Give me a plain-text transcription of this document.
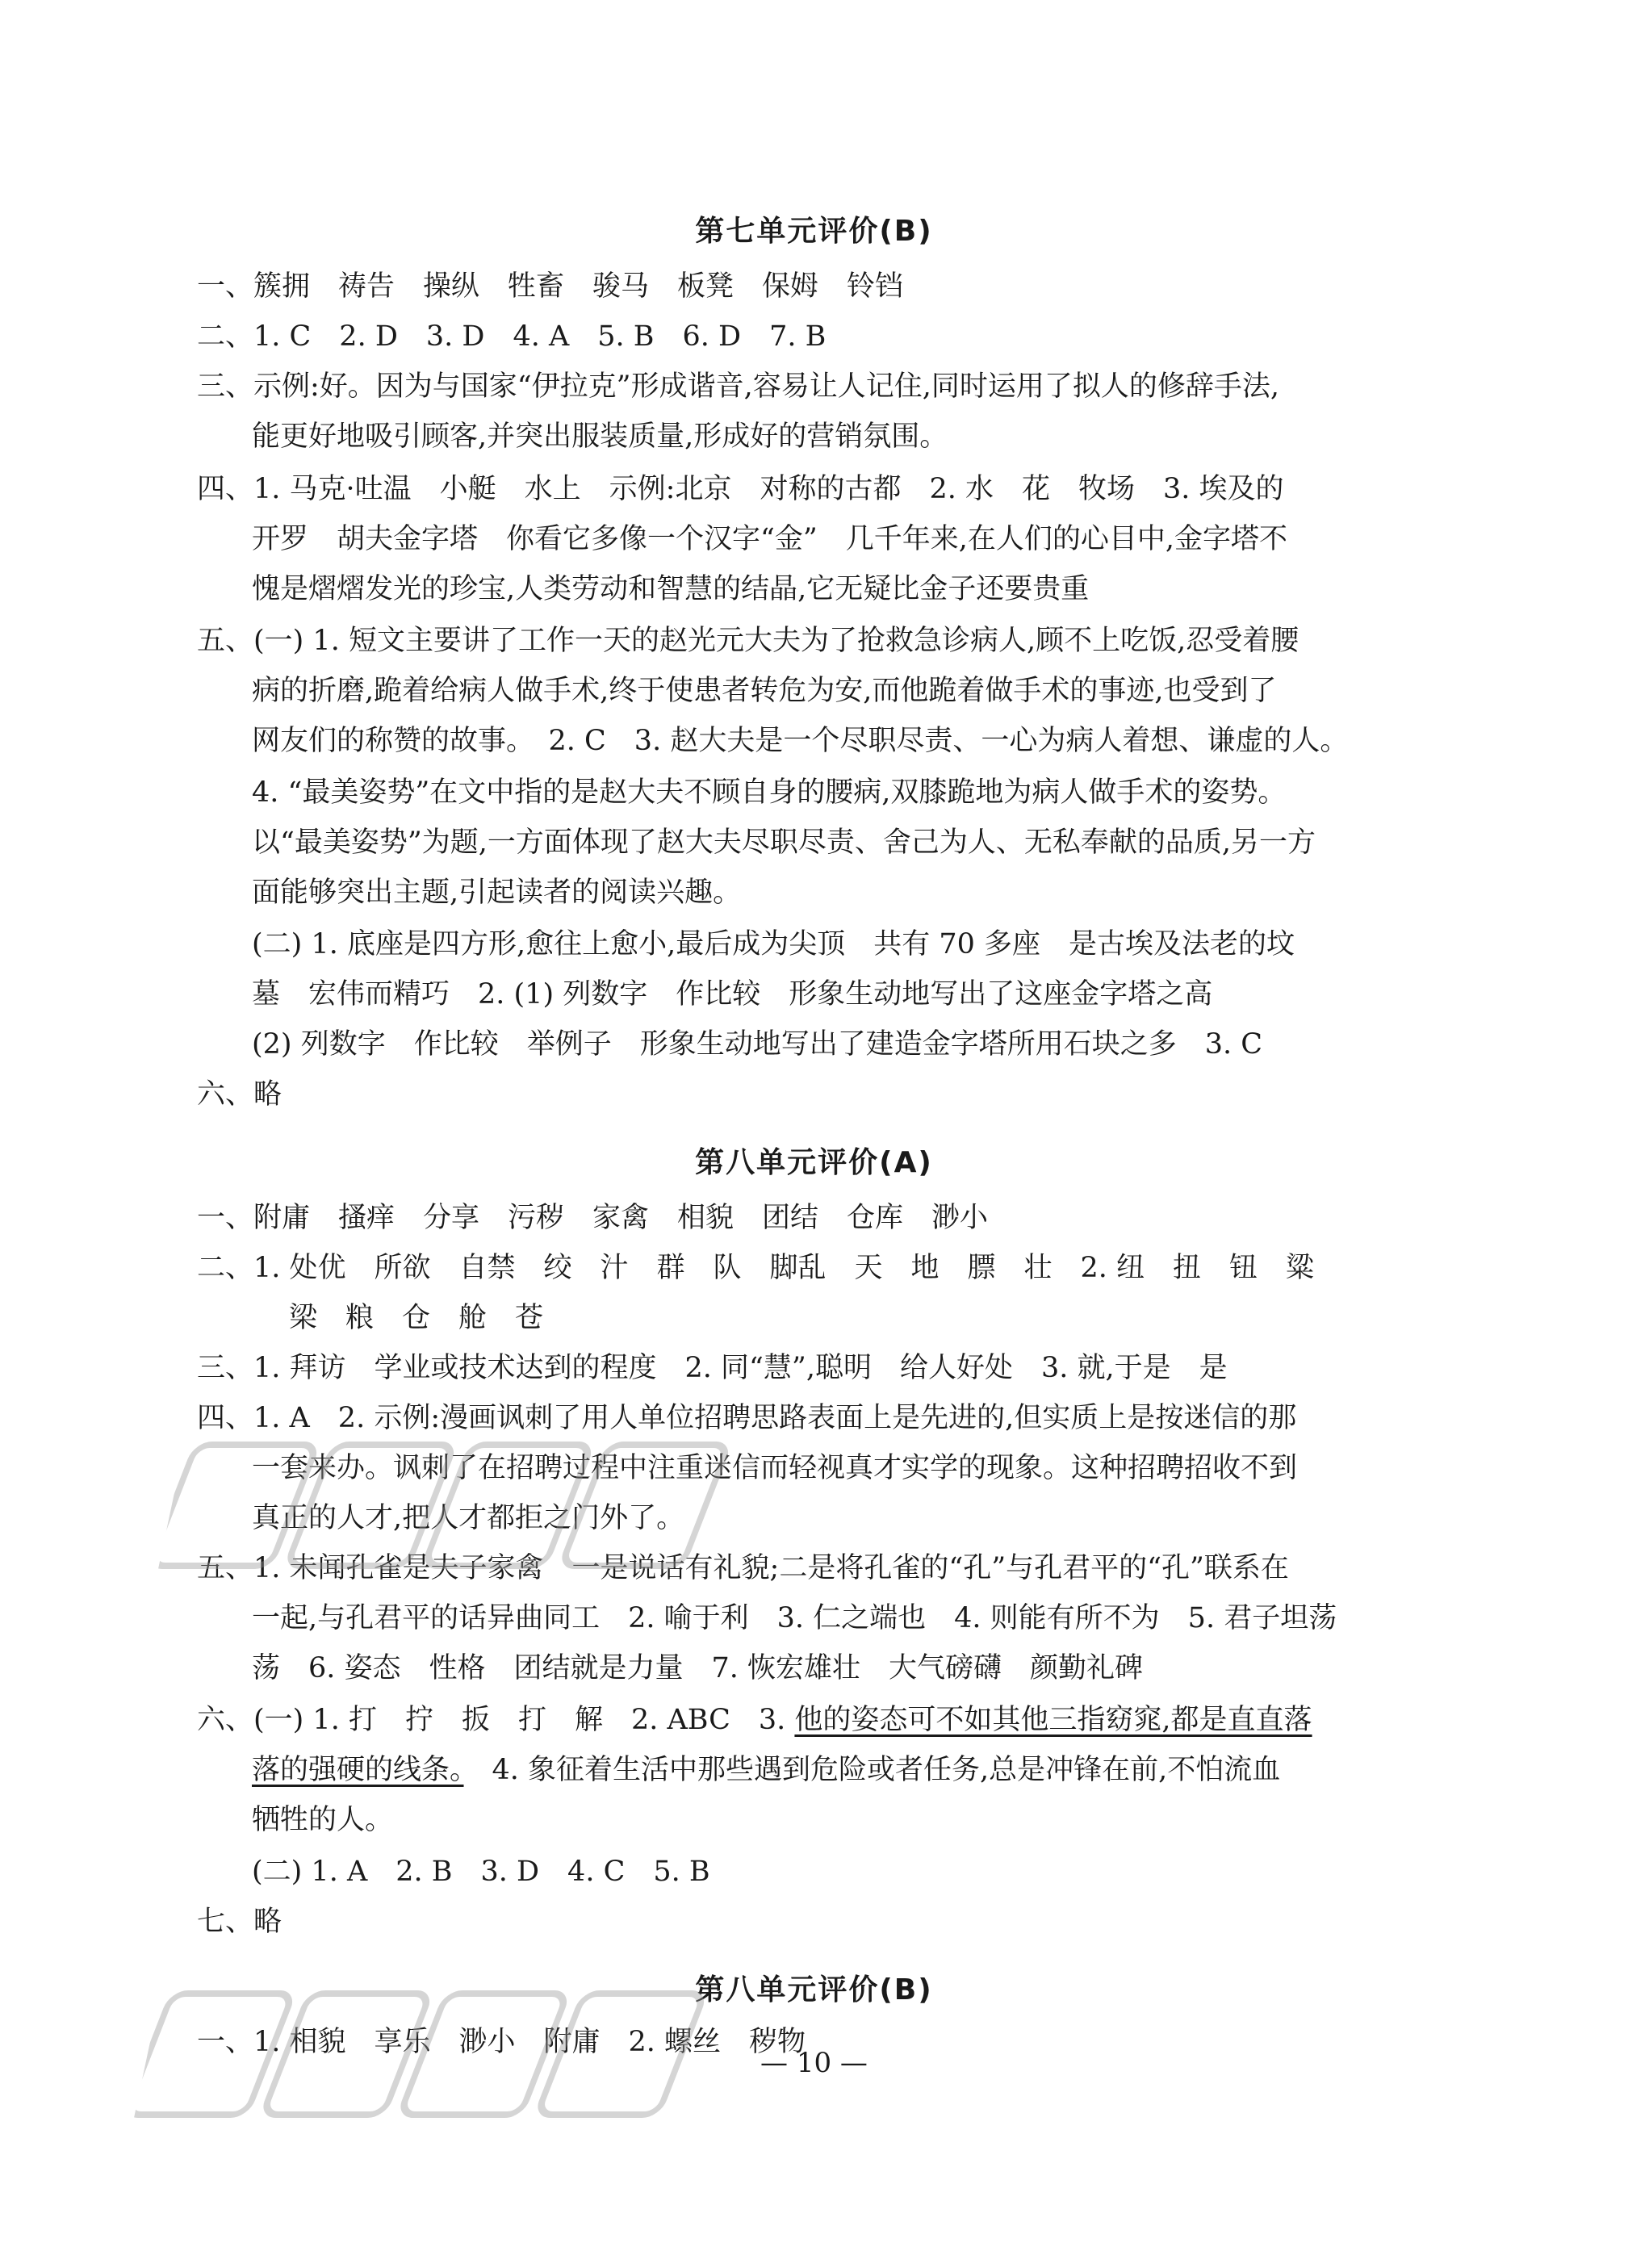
第七单元评价(B)
一、簇拥　祷告　操纵　牲畜　骏马　板凳　保姆　铃铛
二、1. C　2. D　3. D　4. A　5. B　6. D　7. B
三、示例:好。因为与国家“伊拉克”形成谐音,容易让人记住,同时运用了拟人的修辞手法,
能更好地吸引顾客,并突出服装质量,形成好的营销氛围。
四、1. 马克·吐温　小艇　水上　示例:北京　对称的古都　2. 水　花　牧场　3. 埃及的
开罗　胡夫金字塔　你看它多像一个汉字“金”　几千年来,在人们的心目中,金字塔不
愧是熠熠发光的珍宝,人类劳动和智慧的结晶,它无疑比金子还要贵重
五、(一) 1. 短文主要讲了工作一天的赵光元大夫为了抢救急诊病人,顾不上吃饭,忍受着腰
病的折磨,跪着给病人做手术,终于使患者转危为安,而他跪着做手术的事迹,也受到了
网友们的称赞的故事。　2. C　3. 赵大夫是一个尽职尽责、一心为病人着想、谦虚的人。
4. “最美姿势”在文中指的是赵大夫不顾自身的腰病,双膝跪地为病人做手术的姿势。
以“最美姿势”为题,一方面体现了赵大夫尽职尽责、舍己为人、无私奉献的品质,另一方
面能够突出主题,引起读者的阅读兴趣。
(二) 1. 底座是四方形,愈往上愈小,最后成为尖顶　共有 70 多座　是古埃及法老的坟
墓　宏伟而精巧　2. (1) 列数字　作比较　形象生动地写出了这座金字塔之高
(2) 列数字　作比较　举例子　形象生动地写出了建造金字塔所用石块之多　3. C
六、略
第八单元评价(A)
一、附庸　搔痒　分享　污秽　家禽　相貌　团结　仓库　渺小
二、1. 处优　所欲　自禁　绞　汁　群　队　脚乱　天　地　膘　壮　2. 纽　扭　钮　粱
梁　粮　仓　舱　苍
三、1. 拜访　学业或技术达到的程度　2. 同“慧”,聪明　给人好处　3. 就,于是　是
四、1. A　2. 示例:漫画讽刺了用人单位招聘思路表面上是先进的,但实质上是按迷信的那
一套来办。讽刺了在招聘过程中注重迷信而轻视真才实学的现象。这种招聘招收不到
真正的人才,把人才都拒之门外了。
五、1. 未闻孔雀是夫子家禽　一是说话有礼貌;二是将孔雀的“孔”与孔君平的“孔”联系在
一起,与孔君平的话异曲同工　2. 喻于利　3. 仁之端也　4. 则能有所不为　5. 君子坦荡
荡　6. 姿态　性格　团结就是力量　7. 恢宏雄壮　大气磅礴　颜勤礼碑
六、(一) 1. 打　拧　扳　打　解　2. ABC　3. 他的姿态可不如其他三指窈窕,都是直直落
落的强硬的线条。　4. 象征着生活中那些遇到危险或者任务,总是冲锋在前,不怕流血
牺牲的人。
(二) 1. A　2. B　3. D　4. C　5. B
七、略
第八单元评价(B)
一、1. 相貌　享乐　渺小　附庸　2. 螺丝　秽物
— 10 —
